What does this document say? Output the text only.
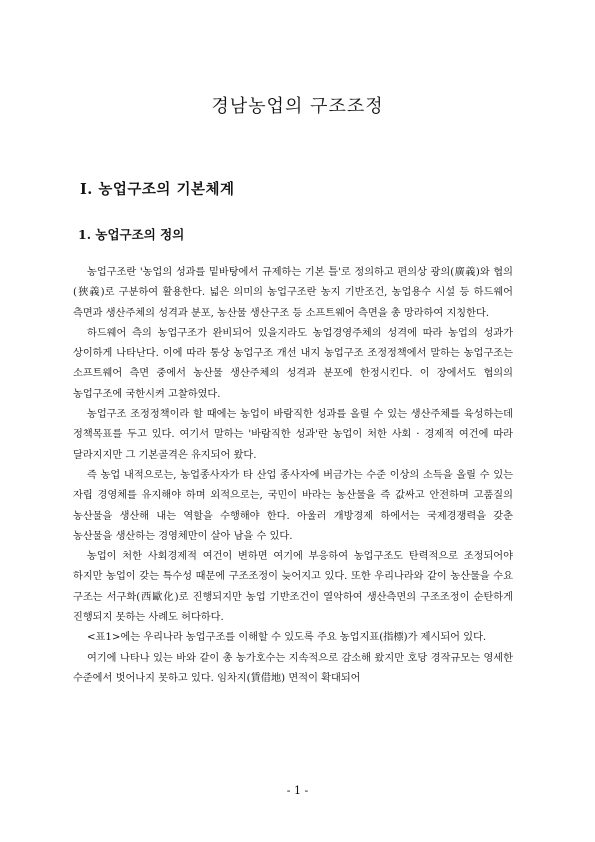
경남농업의 구조조정
Ⅰ. 농업구조의 기본체계
1. 농업구조의 정의

농업구조란 '농업의 성과를 밑바탕에서 규제하는 기본 틀'로 정의하고 편의상 광의(廣義)와 협의(狹義)로 구분하여 활용한다. 넓은 의미의 농업구조란 농지 기반조건, 농업용수 시설 등 하드웨어 측면과 생산주체의 성격과 분포, 농산물 생산구조 등 소프트웨어 측면을 총 망라하여 지칭한다.

하드웨어 측의 농업구조가 완비되어 있을지라도 농업경영주체의 성격에 따라 농업의 성과가 상이하게 나타난다. 이에 따라 통상 농업구조 개선 내지 농업구조 조정정책에서 말하는 농업구조는 소프트웨어 측면 중에서 농산물 생산주체의 성격과 분포에 한정시킨다. 이 장에서도 협의의 농업구조에 국한시켜 고찰하였다.

농업구조 조정정책이라 할 때에는 농업이 바람직한 성과를 올릴 수 있는 생산주체를 육성하는데 정책목표를 두고 있다. 여기서 말하는 '바람직한 성과'란 농업이 처한 사회 · 경제적 여건에 따라 달라지지만 그 기본골격은 유지되어 왔다.

즉 농업 내적으로는, 농업종사자가 타 산업 종사자에 버금가는 수준 이상의 소득을 올릴 수 있는 자립 경영체를 유지해야 하며 외적으로는, 국민이 바라는 농산물을 즉 값싸고 안전하며 고품질의 농산물을 생산해 내는 역할을 수행해야 한다. 아울러 개방경제 하에서는 국제경쟁력을 갖춘 농산물을 생산하는 경영체만이 살아 남을 수 있다.

농업이 처한 사회경제적 여건이 변하면 여기에 부응하여 농업구조도 탄력적으로 조정되어야 하지만 농업이 갖는 특수성 때문에 구조조정이 늦어지고 있다. 또한 우리나라와 같이 농산물을 수요 구조는 서구화(西歐化)로 진행되지만 농업 기반조건이 열악하여 생산측면의 구조조정이 순탄하게 진행되지 못하는 사례도 허다하다.

<표1>에는 우리나라 농업구조를 이해할 수 있도록 주요 농업지표(指標)가 제시되어 있다.

여기에 나타나 있는 바와 같이 총 농가호수는 지속적으로 감소해 왔지만 호당 경작규모는 영세한 수준에서 벗어나지 못하고 있다. 임차지(賃借地) 면적이 확대되어

- 1 -
